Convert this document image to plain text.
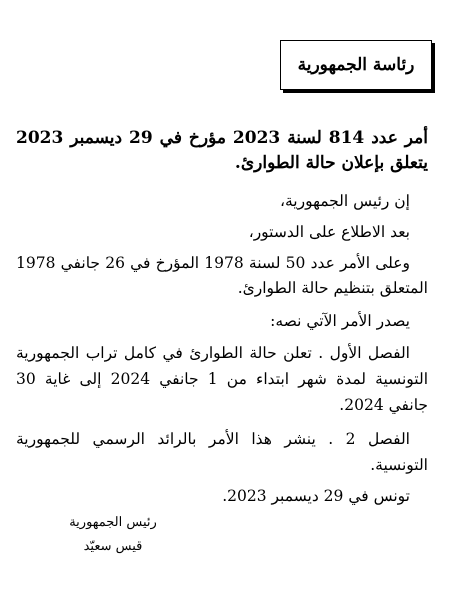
رئاسة الجمهورية
أمر عدد 814 لسنة 2023 مؤرخ في 29 ديسمبر 2023 يتعلق بإعلان حالة الطوارئ.
إن رئيس الجمهورية،
بعد الاطلاع على الدستور،
وعلى الأمر عدد 50 لسنة 1978 المؤرخ في 26 جانفي 1978 المتعلق بتنظيم حالة الطوارئ.
يصدر الأمر الآتي نصه:
الفصل الأول . تعلن حالة الطوارئ في كامل تراب الجمهورية التونسية لمدة شهر ابتداء من 1 جانفي 2024 إلى غاية 30 جانفي 2024.
الفصل 2 . ينشر هذا الأمر بالرائد الرسمي للجمهورية التونسية.
تونس في 29 ديسمبر 2023.
رئيس الجمهورية
قيس سعيّد
